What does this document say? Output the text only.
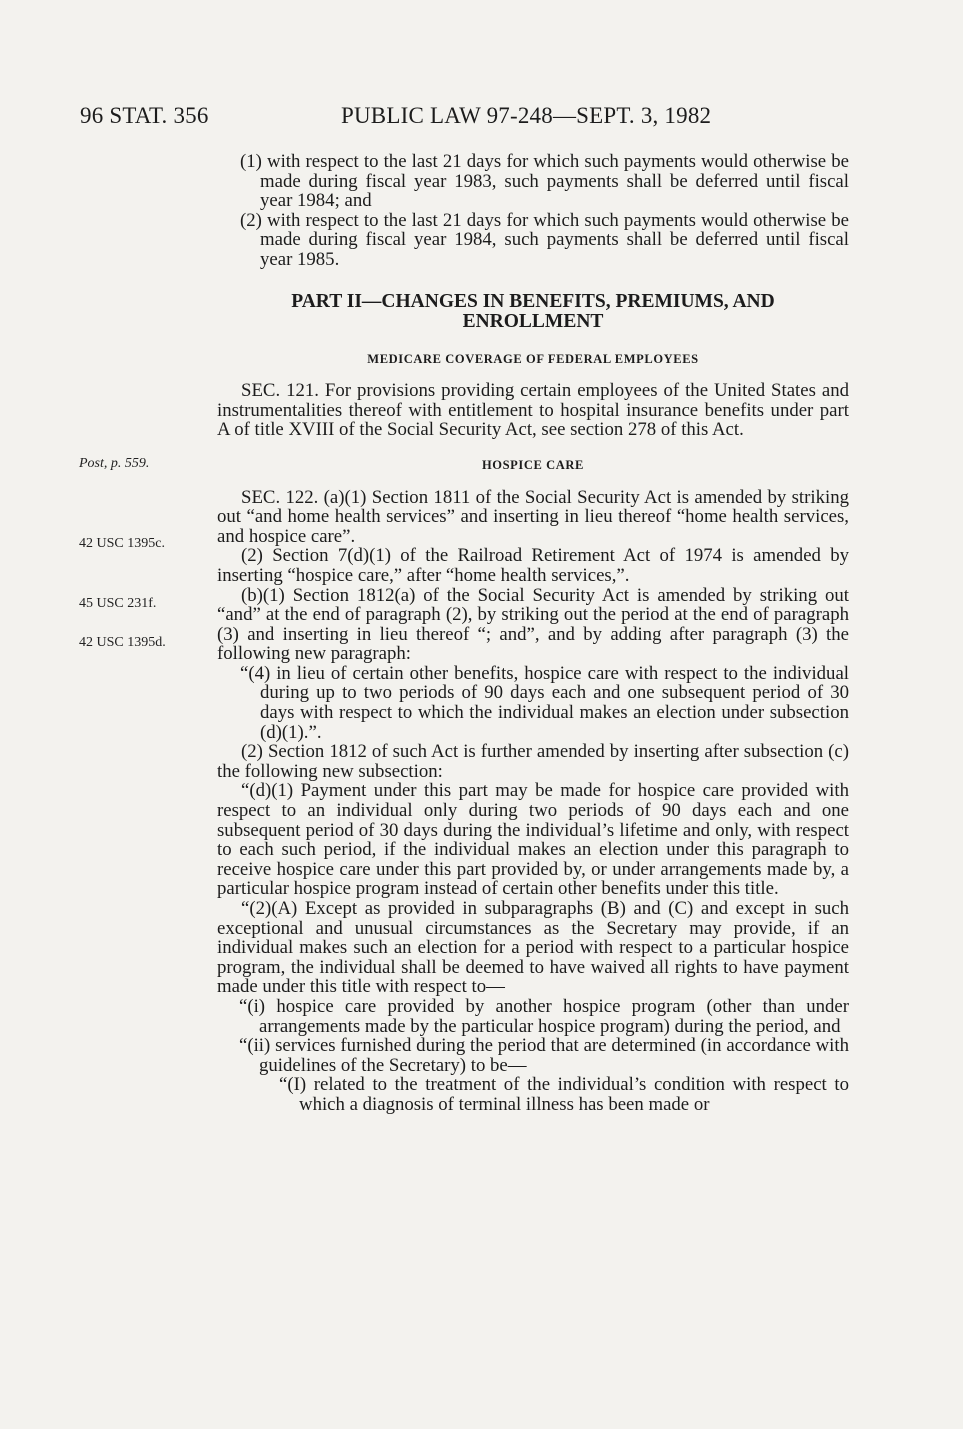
96 STAT. 356	PUBLIC LAW 97-248—SEPT. 3, 1982
Post, p. 559.
42 USC 1395c.
45 USC 231f.
42 USC 1395d.

(1) with respect to the last 21 days for which such payments would otherwise be made during fiscal year 1983, such payments shall be deferred until fiscal year 1984; and

(2) with respect to the last 21 days for which such payments would otherwise be made during fiscal year 1984, such payments shall be deferred until fiscal year 1985.

PART II—CHANGES IN BENEFITS, PREMIUMS, AND ENROLLMENT

MEDICARE COVERAGE OF FEDERAL EMPLOYEES

SEC. 121. For provisions providing certain employees of the United States and instrumentalities thereof with entitlement to hospital insurance benefits under part A of title XVIII of the Social Security Act, see section 278 of this Act.

HOSPICE CARE

SEC. 122. (a)(1) Section 1811 of the Social Security Act is amended by striking out “and home health services” and inserting in lieu thereof “home health services, and hospice care”.

(2) Section 7(d)(1) of the Railroad Retirement Act of 1974 is amended by inserting “hospice care,” after “home health services,”.

(b)(1) Section 1812(a) of the Social Security Act is amended by striking out “and” at the end of paragraph (2), by striking out the period at the end of paragraph (3) and inserting in lieu thereof “; and”, and by adding after paragraph (3) the following new paragraph:

“(4) in lieu of certain other benefits, hospice care with respect to the individual during up to two periods of 90 days each and one subsequent period of 30 days with respect to which the individual makes an election under subsection (d)(1).”.

(2) Section 1812 of such Act is further amended by inserting after subsection (c) the following new subsection:

“(d)(1) Payment under this part may be made for hospice care provided with respect to an individual only during two periods of 90 days each and one subsequent period of 30 days during the individual’s lifetime and only, with respect to each such period, if the individual makes an election under this paragraph to receive hospice care under this part provided by, or under arrangements made by, a particular hospice program instead of certain other benefits under this title.

“(2)(A) Except as provided in subparagraphs (B) and (C) and except in such exceptional and unusual circumstances as the Secretary may provide, if an individual makes such an election for a period with respect to a particular hospice program, the individual shall be deemed to have waived all rights to have payment made under this title with respect to—

“(i) hospice care provided by another hospice program (other than under arrangements made by the particular hospice program) during the period, and

“(ii) services furnished during the period that are determined (in accordance with guidelines of the Secretary) to be—

“(I) related to the treatment of the individual’s condition with respect to which a diagnosis of terminal illness has been made or
